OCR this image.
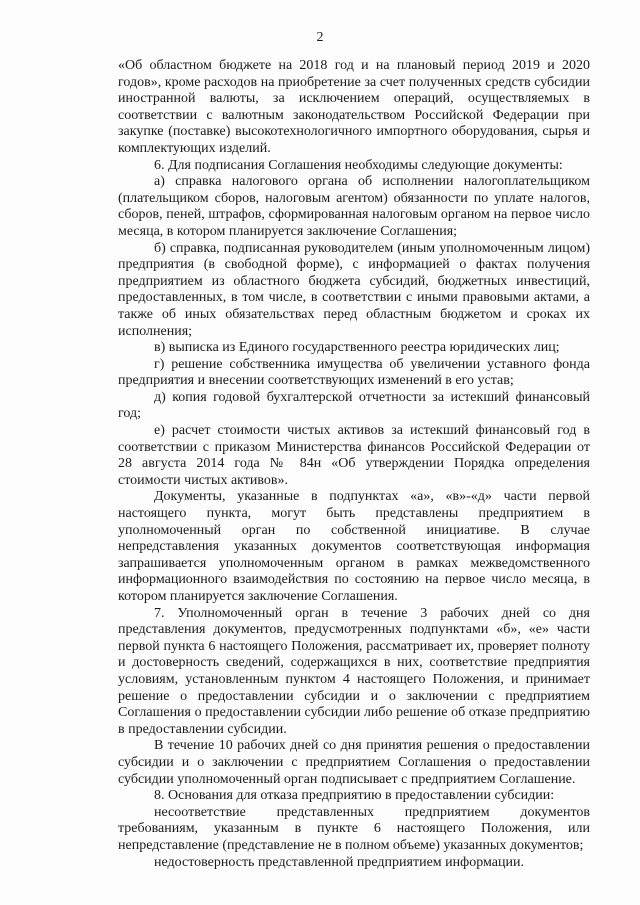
2

«Об областном бюджете на 2018 год и на плановый период 2019 и 2020 годов», кроме расходов на приобретение за счет полученных средств субсидии иностранной валюты, за исключением операций, осуществляемых в соответствии с валютным законодательством Российской Федерации при закупке (поставке) высокотехнологичного импортного оборудования, сырья и комплектующих изделий.

6. Для подписания Соглашения необходимы следующие документы:

а) справка налогового органа об исполнении налогоплательщиком (плательщиком сборов, налоговым агентом) обязанности по уплате налогов, сборов, пеней, штрафов, сформированная налоговым органом на первое число месяца, в котором планируется заключение Соглашения;

б) справка, подписанная руководителем (иным уполномоченным лицом) предприятия (в свободной форме), с информацией о фактах получения предприятием из областного бюджета субсидий, бюджетных инвестиций, предоставленных, в том числе, в соответствии с иными правовыми актами, а также об иных обязательствах перед областным бюджетом и сроках их исполнения;

в) выписка из Единого государственного реестра юридических лиц;

г) решение собственника имущества об увеличении уставного фонда предприятия и внесении соответствующих изменений в его устав;

д) копия годовой бухгалтерской отчетности за истекший финансовый год;

е) расчет стоимости чистых активов за истекший финансовый год в соответствии с приказом Министерства финансов Российской Федерации от 28 августа 2014 года № 84н «Об утверждении Порядка определения стоимости чистых активов».

Документы, указанные в подпунктах «а», «в»-«д» части первой настоящего пункта, могут быть представлены предприятием в уполномоченный орган по собственной инициативе. В случае непредставления указанных документов соответствующая информация запрашивается уполномоченным органом в рамках межведомственного информационного взаимодействия по состоянию на первое число месяца, в котором планируется заключение Соглашения.

7. Уполномоченный орган в течение 3 рабочих дней со дня представления документов, предусмотренных подпунктами «б», «е» части первой пункта 6 настоящего Положения, рассматривает их, проверяет полноту и достоверность сведений, содержащихся в них, соответствие предприятия условиям, установленным пунктом 4 настоящего Положения, и принимает решение о предоставлении субсидии и о заключении с предприятием Соглашения о предоставлении субсидии либо решение об отказе предприятию в предоставлении субсидии.

В течение 10 рабочих дней со дня принятия решения о предоставлении субсидии и о заключении с предприятием Соглашения о предоставлении субсидии уполномоченный орган подписывает с предприятием Соглашение.

8. Основания для отказа предприятию в предоставлении субсидии:

несоответствие представленных предприятием документов требованиям, указанным в пункте 6 настоящего Положения, или непредставление (представление не в полном объеме) указанных документов;

недостоверность представленной предприятием информации.
